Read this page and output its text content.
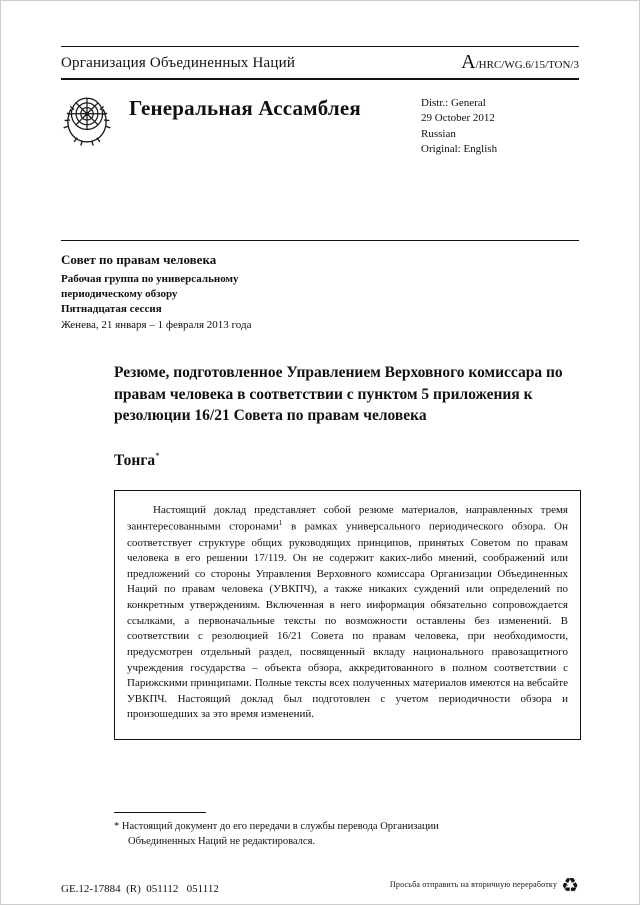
Организация Объединенных Наций	A/HRC/WG.6/15/TON/3
Генеральная Ассамблея	Distr.: General
29 October 2012
Russian
Original: English
Совет по правам человека
Рабочая группа по универсальному
периодическому обзору
Пятнадцатая сессия
Женева, 21 января – 1 февраля 2013 года

Резюме, подготовленное Управлением Верховного комиссара по правам человека в соответствии с пунктом 5 приложения к резолюции 16/21 Совета по правам человека

Тонга*

Настоящий доклад представляет собой резюме материалов, направленных тремя заинтересованными сторонами$^1$ в рамках универсального периодического обзора. Он соответствует структуре общих руководящих принципов, принятых Советом по правам человека в его решении 17/119. Он не содержит каких-либо мнений, соображений или предложений со стороны Управления Верховного комиссара Организации Объединенных Наций по правам человека (УВКПЧ), а также никаких суждений или определений по конкретным утверждениям. Включенная в него информация обязательно сопровождается ссылками, а первоначальные тексты по возможности оставлены без изменений. В соответствии с резолюцией 16/21 Совета по правам человека, при необходимости, предусмотрен отдельный раздел, посвященный вкладу национального правозащитного учреждения государства – объекта обзора, аккредитованного в полном соответствии с Парижскими принципами. Полные тексты всех полученных материалов имеются на вебсайте УВКПЧ. Настоящий доклад был подготовлен с учетом периодичности обзора и произошедших за это время изменений.

* Настоящий документ до его передачи в службы перевода Организации Объединенных Наций не редактировался.
GE.12-17884  (R)  051112   051112	Просьба отправить на вторичную переработку ♻
